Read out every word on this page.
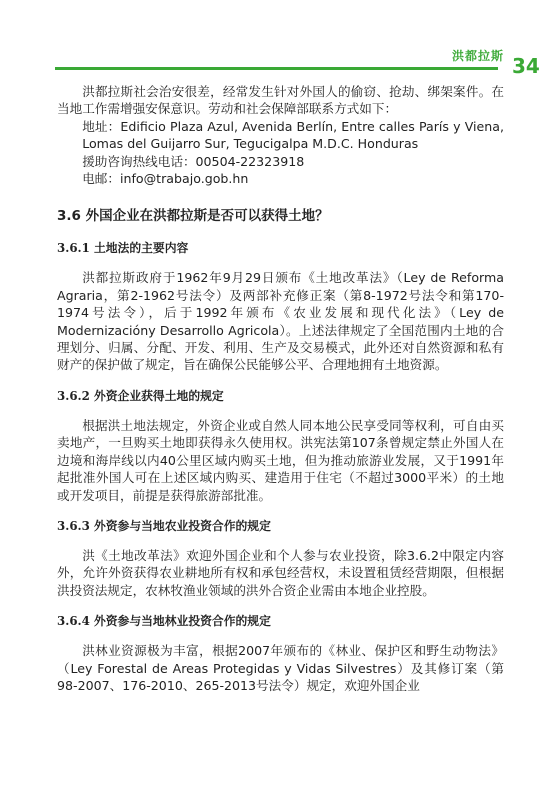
洪都拉斯 34

洪都拉斯社会治安很差，经常发生针对外国人的偷窃、抢劫、绑架案件。在当地工作需增强安保意识。劳动和社会保障部联系方式如下：

地址：Edificio Plaza Azul, Avenida Berlín, Entre calles París y Viena, Lomas del Guijarro Sur, Tegucigalpa M.D.C. Honduras

援助咨询热线电话：00504-22323918

电邮：info@trabajo.gob.hn

3.6 外国企业在洪都拉斯是否可以获得土地？
3.6.1 土地法的主要内容

洪都拉斯政府于1962年9月29日颁布《土地改革法》（Ley de Reforma Agraria，第2-1962号法令）及两部补充修正案（第8-1972号法令和第170-1974号法令），后于1992年颁布《农业发展和现代化法》（Ley de Modernizacióny Desarrollo Agricola）。上述法律规定了全国范围内土地的合理划分、归属、分配、开发、利用、生产及交易模式，此外还对自然资源和私有财产的保护做了规定，旨在确保公民能够公平、合理地拥有土地资源。

3.6.2 外资企业获得土地的规定

根据洪土地法规定，外资企业或自然人同本地公民享受同等权利，可自由买卖地产，一旦购买土地即获得永久使用权。洪宪法第107条曾规定禁止外国人在边境和海岸线以内40公里区域内购买土地，但为推动旅游业发展，又于1991年起批准外国人可在上述区域内购买、建造用于住宅（不超过3000平米）的土地或开发项目，前提是获得旅游部批准。

3.6.3 外资参与当地农业投资合作的规定

洪《土地改革法》欢迎外国企业和个人参与农业投资，除3.6.2中限定内容外，允许外资获得农业耕地所有权和承包经营权，未设置租赁经营期限，但根据洪投资法规定，农林牧渔业领域的洪外合资企业需由本地企业控股。

3.6.4 外资参与当地林业投资合作的规定

洪林业资源极为丰富，根据2007年颁布的《林业、保护区和野生动物法》（Ley Forestal de Areas Protegidas y Vidas Silvestres）及其修订案（第98-2007、176-2010、265-2013号法令）规定，欢迎外国企业
